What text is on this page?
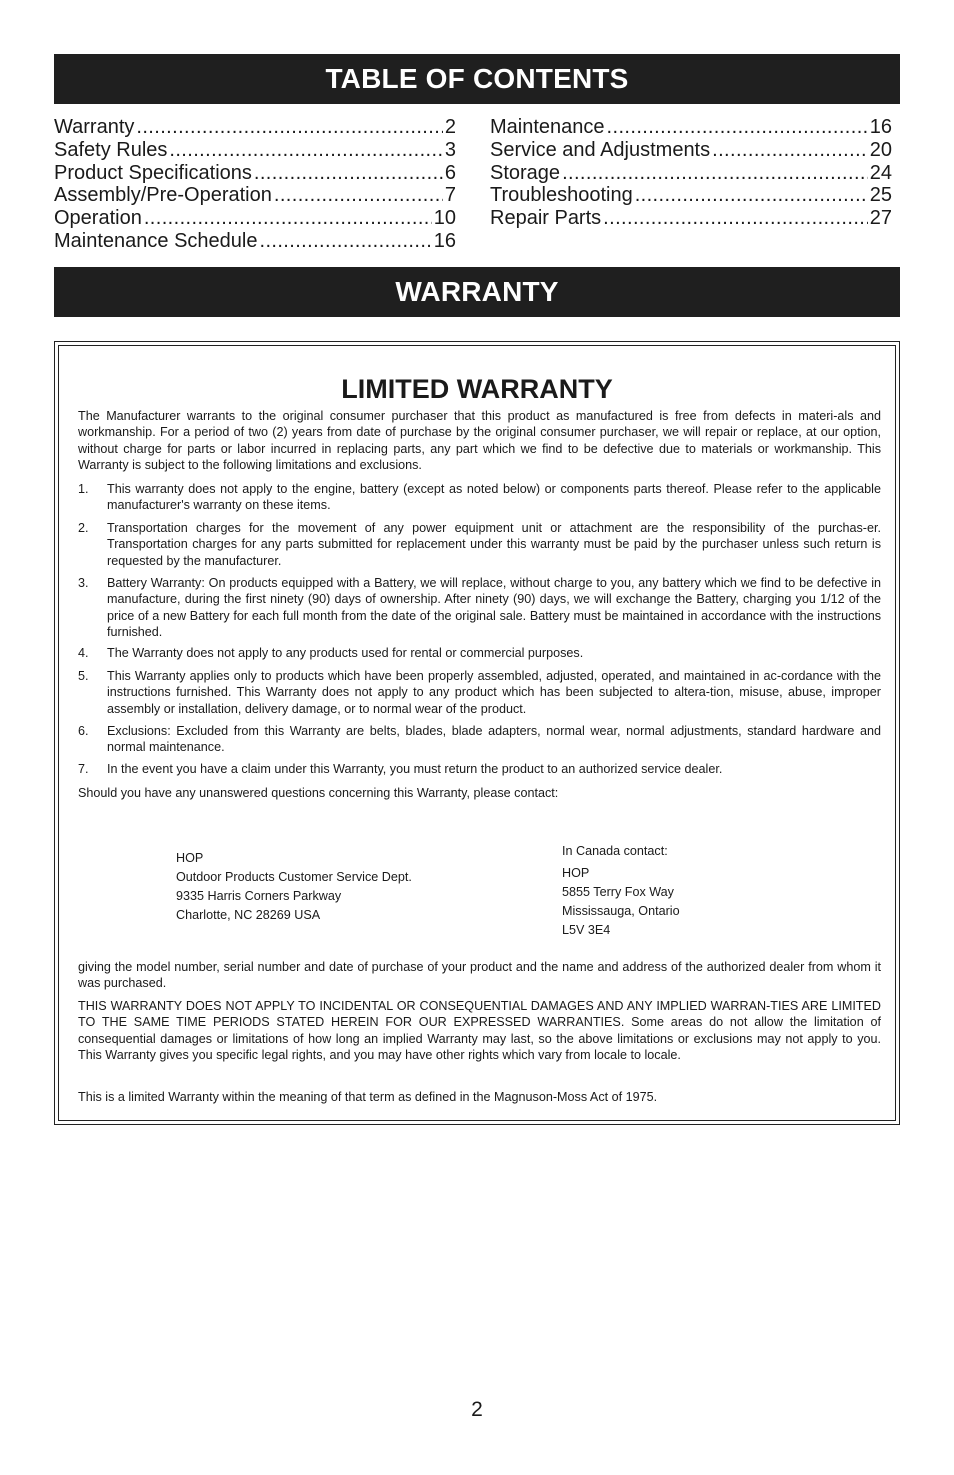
TABLE OF CONTENTS
Warranty .....	2
Safety Rules .....	3
Product Specifications .....	6
Assembly/Pre-Operation .....	7
Operation .....	10
Maintenance Schedule .....	16
Maintenance .....	16
Service and Adjustments .....	20
Storage .....	24
Troubleshooting .....	25
Repair Parts .....	27
WARRANTY
LIMITED WARRANTY
The Manufacturer warrants to the original consumer purchaser that this product as manufactured is free from defects in materi-als and workmanship. For a period of two (2) years from date of purchase by the original consumer purchaser, we will repair or replace, at our option, without charge for parts or labor incurred in replacing parts, any part which we find to be defective due to materials or workmanship. This Warranty is subject to the following limitations and exclusions.
1. This warranty does not apply to the engine, battery (except as noted below) or components parts thereof. Please refer to the applicable manufacturer's warranty on these items.
2. Transportation charges for the movement of any power equipment unit or attachment are the responsibility of the purchas-er. Transportation charges for any parts submitted for replacement under this warranty must be paid by the purchaser unless such return is requested by the manufacturer.
3. Battery Warranty: On products equipped with a Battery, we will replace, without charge to you, any battery which we find to be defective in manufacture, during the first ninety (90) days of ownership. After ninety (90) days, we will exchange the Battery, charging you 1/12 of the price of a new Battery for each full month from the date of the original sale. Battery must be maintained in accordance with the instructions furnished.
4. The Warranty does not apply to any products used for rental or commercial purposes.
5. This Warranty applies only to products which have been properly assembled, adjusted, operated, and maintained in ac-cordance with the instructions furnished. This Warranty does not apply to any product which has been subjected to altera-tion, misuse, abuse, improper assembly or installation, delivery damage, or to normal wear of the product.
6. Exclusions: Excluded from this Warranty are belts, blades, blade adapters, normal wear, normal adjustments, standard hardware and normal maintenance.
7. In the event you have a claim under this Warranty, you must return the product to an authorized service dealer.
Should you have any unanswered questions concerning this Warranty, please contact:
HOP
Outdoor Products Customer Service Dept.
9335 Harris Corners Parkway
Charlotte, NC 28269 USA
In Canada contact:
HOP
5855 Terry Fox Way
Mississauga, Ontario
L5V 3E4
giving the model number, serial number and date of purchase of your product and the name and address of the authorized dealer from whom it was purchased.
THIS WARRANTY DOES NOT APPLY TO INCIDENTAL OR CONSEQUENTIAL DAMAGES AND ANY IMPLIED WARRAN-TIES ARE LIMITED TO THE SAME TIME PERIODS STATED HEREIN FOR OUR EXPRESSED WARRANTIES. Some areas do not allow the limitation of consequential damages or limitations of how long an implied Warranty may last, so the above limitations or exclusions may not apply to you. This Warranty gives you specific legal rights, and you may have other rights which vary from locale to locale.
This is a limited Warranty within the meaning of that term as defined in the Magnuson-Moss Act of 1975.
2
